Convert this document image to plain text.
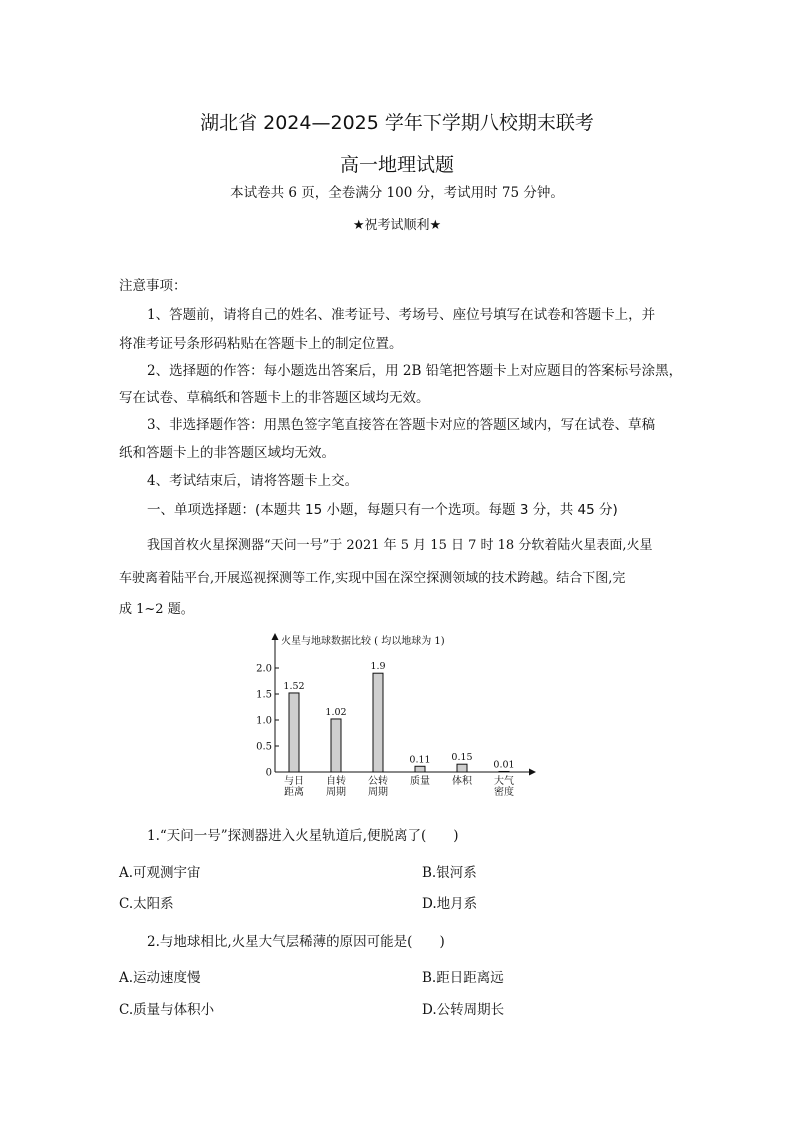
湖北省 2024—2025 学年下学期八校期末联考
高一地理试题
本试卷共 6 页，全卷满分 100 分，考试用时 75 分钟。
★祝考试顺利★
注意事项：
1、答题前，请将自己的姓名、准考证号、考场号、座位号填写在试卷和答题卡上，并
将准考证号条形码粘贴在答题卡上的制定位置。
2、选择题的作答：每小题选出答案后，用 2B 铅笔把答题卡上对应题目的答案标号涂黑，
写在试卷、草稿纸和答题卡上的非答题区域均无效。
3、非选择题作答：用黑色签字笔直接答在答题卡对应的答题区域内，写在试卷、草稿
纸和答题卡上的非答题区域均无效。
4、考试结束后，请将答题卡上交。
一、单项选择题：(本题共 15 小题，每题只有一个选项。每题 3 分，共 45 分)
我国首枚火星探测器“天问一号”于 2021 年 5 月 15 日 7 时 18 分软着陆火星表面,火星
车驶离着陆平台,开展巡视探测等工作,实现中国在深空探测领域的技术跨越。结合下图,完
成 1~2 题。
火星与地球数据比较 ( 均以地球为 1)
0
0.5
1.0
1.5
2.0
1.52
1.02
1.9
0.11 0.15
0.01
与日
距离
自转
周期
公转
周期
质量 体积 大气
密度
1.“天问一号”探测器进入火星轨道后,便脱离了(　　)
A.可观测宇宙	B.银河系
C.太阳系	D.地月系
2.与地球相比,火星大气层稀薄的原因可能是(　　)
A.运动速度慢	B.距日距离远
C.质量与体积小	D.公转周期长
